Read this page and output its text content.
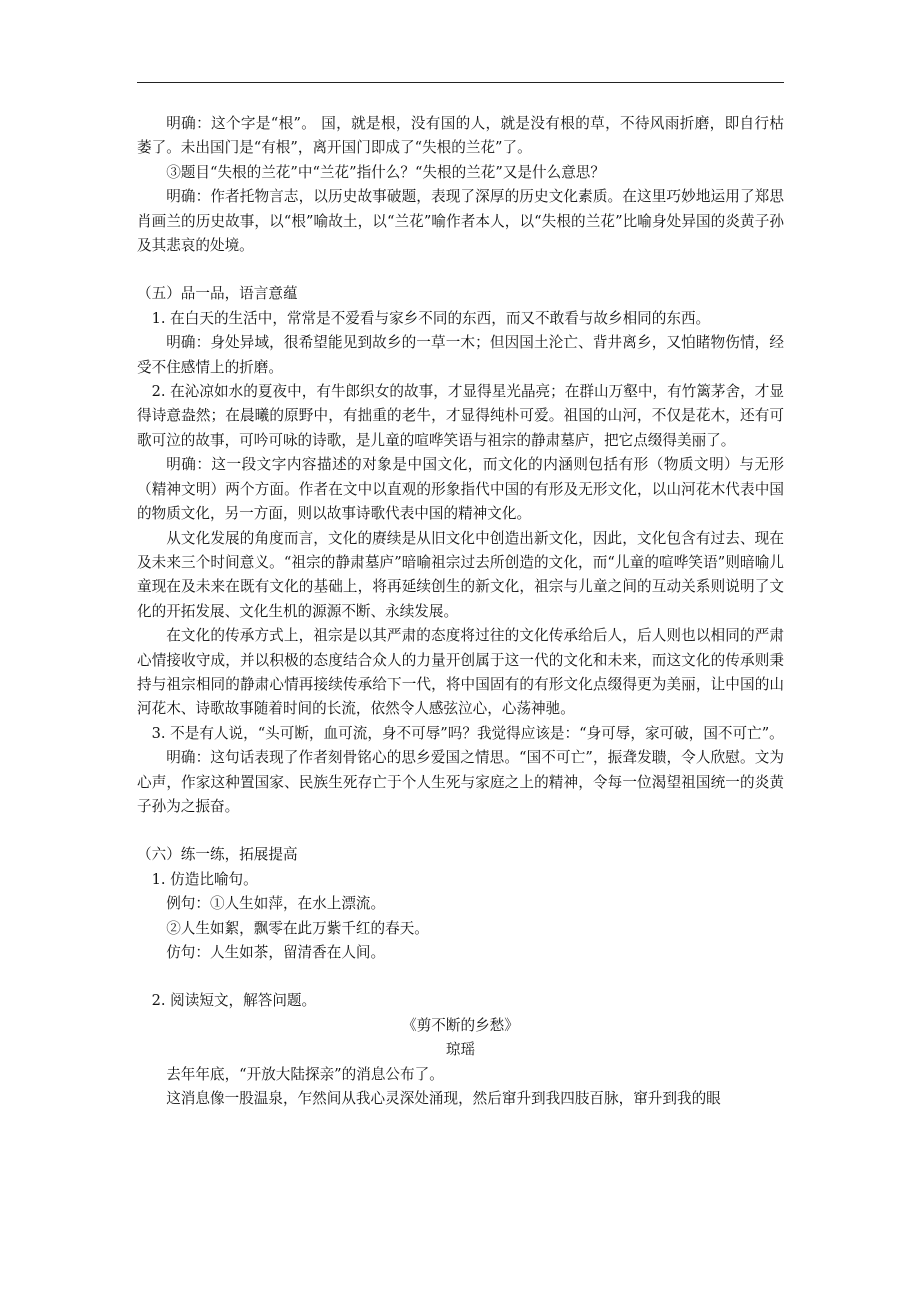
明确：这个字是“根”。 国，就是根，没有国的人，就是没有根的草，不待风雨折磨，即自行枯萎了。未出国门是“有根”，离开国门即成了“失根的兰花”了。

③题目“失根的兰花”中“兰花”指什么？“失根的兰花”又是什么意思？

明确：作者托物言志，以历史故事破题，表现了深厚的历史文化素质。在这里巧妙地运用了郑思肖画兰的历史故事，以“根”喻故土，以“兰花”喻作者本人，以“失根的兰花”比喻身处异国的炎黄子孙及其悲哀的处境。

（五）品一品，语言意蕴

1. 在白天的生活中，常常是不爱看与家乡不同的东西，而又不敢看与故乡相同的东西。

明确：身处异域，很希望能见到故乡的一草一木；但因国土沦亡、背井离乡，又怕睹物伤情，经受不住感情上的折磨。

2. 在沁凉如水的夏夜中，有牛郎织女的故事，才显得星光晶亮；在群山万壑中，有竹篱茅舍，才显得诗意盎然；在晨曦的原野中，有拙重的老牛，才显得纯朴可爱。祖国的山河，不仅是花木，还有可歌可泣的故事，可吟可咏的诗歌，是儿童的喧哗笑语与祖宗的静肃墓庐，把它点缀得美丽了。

明确：这一段文字内容描述的对象是中国文化，而文化的内涵则包括有形（物质文明）与无形（精神文明）两个方面。作者在文中以直观的形象指代中国的有形及无形文化，以山河花木代表中国的物质文化，另一方面，则以故事诗歌代表中国的精神文化。

从文化发展的角度而言，文化的赓续是从旧文化中创造出新文化，因此，文化包含有过去、现在及未来三个时间意义。“祖宗的静肃墓庐”暗喻祖宗过去所创造的文化，而“儿童的喧哗笑语”则暗喻儿童现在及未来在既有文化的基础上，将再延续创生的新文化，祖宗与儿童之间的互动关系则说明了文化的开拓发展、文化生机的源源不断、永续发展。

在文化的传承方式上，祖宗是以其严肃的态度将过往的文化传承给后人，后人则也以相同的严肃心情接收守成，并以积极的态度结合众人的力量开创属于这一代的文化和未来，而这文化的传承则秉持与祖宗相同的静肃心情再接续传承给下一代，将中国固有的有形文化点缀得更为美丽，让中国的山河花木、诗歌故事随着时间的长流，依然令人感弦泣心，心荡神驰。

3. 不是有人说，“头可断，血可流，身不可辱”吗？我觉得应该是：“身可辱，家可破，国不可亡”。

明确：这句话表现了作者刻骨铭心的思乡爱国之情思。“国不可亡”，振聋发聩，令人欣慰。文为心声，作家这种置国家、民族生死存亡于个人生死与家庭之上的精神，令每一位渴望祖国统一的炎黄子孙为之振奋。

（六）练一练，拓展提高

1. 仿造比喻句。

例句：①人生如萍，在水上漂流。

②人生如絮，飘零在此万紫千红的春天。

仿句：人生如茶，留清香在人间。

2. 阅读短文，解答问题。

《剪不断的乡愁》

琼瑶

去年年底，“开放大陆探亲”的消息公布了。

这消息像一股温泉，乍然间从我心灵深处涌现，然后窜升到我四肢百脉，窜升到我的眼
